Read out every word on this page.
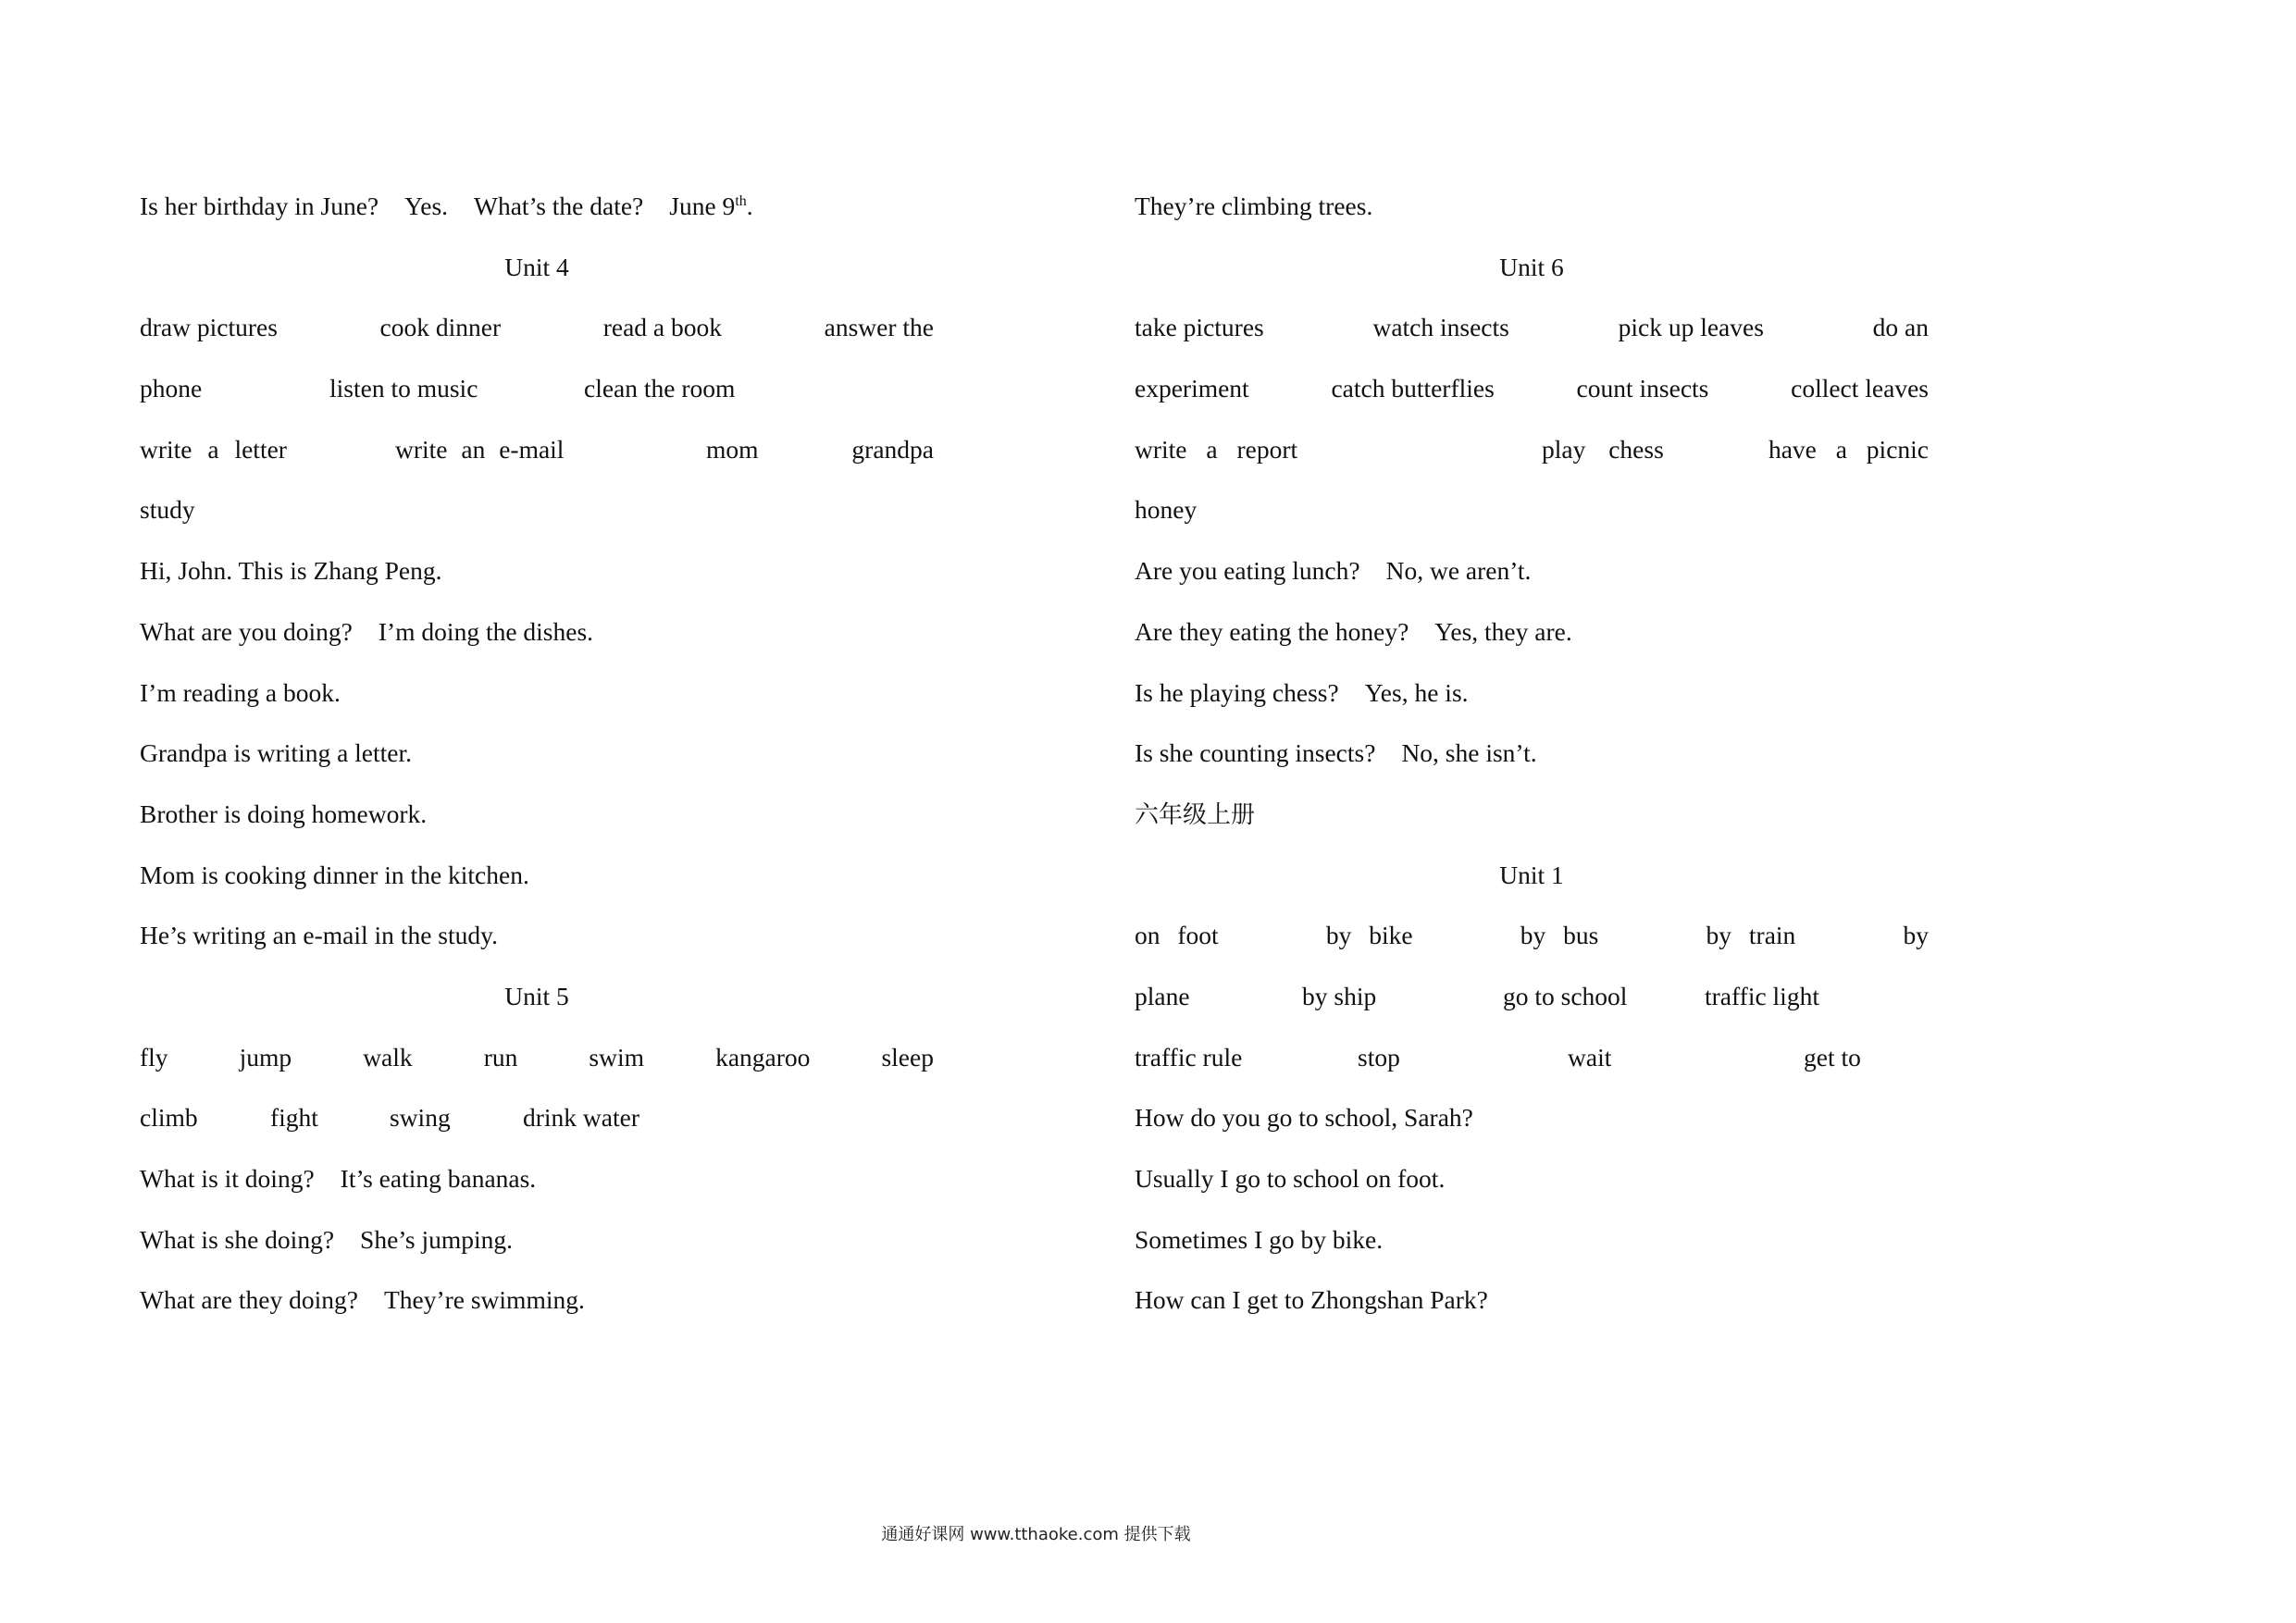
Is her birthday in June? Yes. What’s the date? June 9th.
Unit 4
draw pictures	cook dinner	read a book	answer the
phone	listen to music	clean the room
write a letter	write an e-mail	mom	grandpa
study
Hi, John. This is Zhang Peng.
What are you doing? I’m doing the dishes.
I’m reading a book.
Grandpa is writing a letter.
Brother is doing homework.
Mom is cooking dinner in the kitchen.
He’s writing an e-mail in the study.
Unit 5
fly	jump	walk	run	swim	kangaroo	sleep
climb	fight	swing	drink water
What is it doing? It’s eating bananas.
What is she doing? She’s jumping.
What are they doing? They’re swimming.
They’re climbing trees.
Unit 6
take pictures	watch insects	pick up leaves	do an
experiment	catch butterflies	count insects	collect leaves
write a report	play chess	have a picnic
honey
Are you eating lunch? No, we aren’t.
Are they eating the honey? Yes, they are.
Is he playing chess? Yes, he is.
Is she counting insects? No, she isn’t.
六年级上册
Unit 1
on foot	by bike	by bus	by train	by
plane	by ship	go to school	traffic light
traffic rule	stop	wait	get to
How do you go to school, Sarah?
Usually I go to school on foot.
Sometimes I go by bike.
How can I get to Zhongshan Park?
通通好课网 www.tthaoke.com 提供下载
